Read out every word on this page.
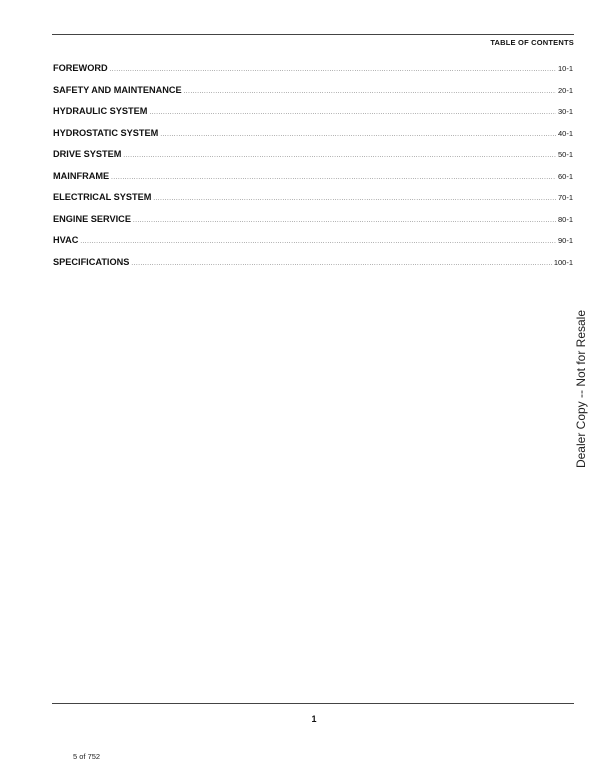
TABLE OF CONTENTS
FOREWORD .....	10-1
SAFETY AND MAINTENANCE .....	20-1
HYDRAULIC SYSTEM .....	30-1
HYDROSTATIC SYSTEM .....	40-1
DRIVE SYSTEM .....	50-1
MAINFRAME .....	60-1
ELECTRICAL SYSTEM .....	70-1
ENGINE SERVICE .....	80-1
HVAC .....	90-1
SPECIFICATIONS .....	100-1
Dealer Copy -- Not for Resale
1
5 of 752
